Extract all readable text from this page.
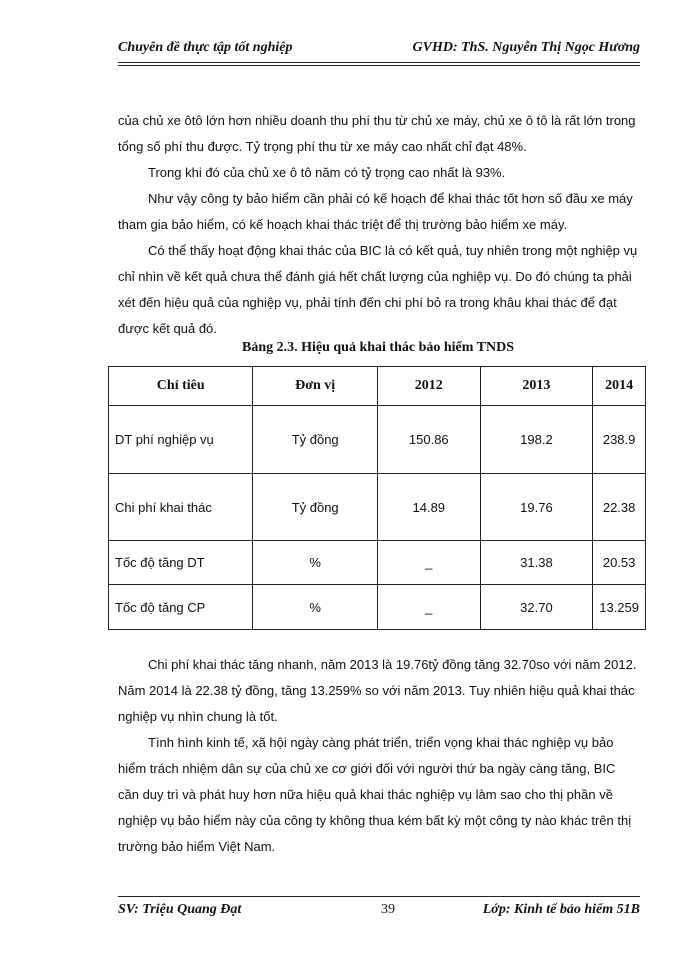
Chuyên đề thực tập tốt nghiệp	GVHD: ThS. Nguyễn Thị Ngọc Hương

của chủ xe ôtô lớn hơn nhiều doanh thu phí thu từ chủ xe máy, chủ xe ô tô là rất lớn trong tổng số phí thu được. Tỷ trọng phí thu từ xe máy cao nhất chỉ đạt 48%.

Trong khi đó của chủ xe ô tô năm có tỷ trọng cao nhất là 93%.

Như vậy công ty bảo hiểm cần phải có kế hoạch để khai thác tốt hơn số đầu xe máy tham gia bảo hiểm, có kế hoạch khai thác triệt để thị trường bảo hiểm xe máy.

Có thể thấy hoạt động khai thác của BIC là có kết quả, tuy nhiên trong một nghiệp vụ chỉ nhìn về kết quả chưa thể đánh giá hết chất lượng của nghiệp vụ. Do đó chúng ta phải xét đến hiệu quả của nghiệp vụ, phải tính đến chi phí bỏ ra trong khâu khai thác để đạt được kết quả đó.

Bảng 2.3. Hiệu quả khai thác bảo hiểm TNDS
Chỉ tiêu	Đơn vị	2012	2013	2014
DT phí nghiệp vụ	Tỷ đồng	150.86	198.2	238.9
Chi phí khai thác	Tỷ đồng	14.89	19.76	22.38
Tốc độ tăng DT	%	_	31.38	20.53
Tốc độ tăng CP	%	_	32.70	13.259

Chi phí khai thác tăng nhanh, năm 2013 là 19.76tỷ đồng tăng 32.70so với năm 2012. Năm 2014 là 22.38 tỷ đồng, tăng 13.259% so với năm 2013. Tuy nhiên hiệu quả khai thác nghiệp vụ nhìn chung là tốt.

Tình hình kinh tế, xã hội ngày càng phát triển, triển vọng khai thác nghiệp vụ bảo hiểm trách nhiệm dân sự của chủ xe cơ giới đối với người thứ ba ngày càng tăng, BIC cần duy trì và phát huy hơn nữa hiệu quả khai thác nghiệp vụ làm sao cho thị phần về nghiệp vụ bảo hiểm này của công ty không thua kém bất kỳ một công ty nào khác trên thị trường bảo hiểm Việt Nam.

SV: Triệu Quang Đạt	39	Lớp: Kinh tế bảo hiểm 51B
